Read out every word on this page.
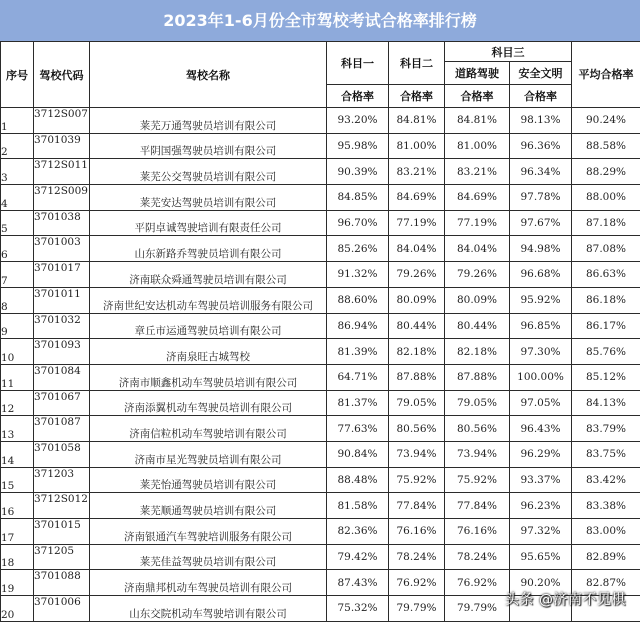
2023年1-6月份全市驾校考试合格率排行榜
序号	驾校代码	驾校名称	科目一	科目二	科目三		平均合格率
					道路驾驶	安全文明	
			合格率	合格率	合格率	合格率	
1	3712S007	莱芜万通驾驶员培训有限公司	93.20%	84.81%	84.81%	98.13%	90.24%
2	3701039	平阴国强驾驶员培训有限公司	95.98%	81.00%	81.00%	96.36%	88.58%
3	3712S011	莱芜公交驾驶员培训有限公司	90.39%	83.21%	83.21%	96.34%	88.29%
4	3712S009	莱芜安达驾驶员培训有限公司	84.85%	84.69%	84.69%	97.78%	88.00%
5	3701038	平阴卓诚驾驶培训有限责任公司	96.70%	77.19%	77.19%	97.67%	87.18%
6	3701003	山东新路乔驾驶员培训有限公司	85.26%	84.04%	84.04%	94.98%	87.08%
7	3701017	济南联众舜通驾驶员培训有限公司	91.32%	79.26%	79.26%	96.68%	86.63%
8	3701011	济南世纪安达机动车驾驶员培训服务有限公司	88.60%	80.09%	80.09%	95.92%	86.18%
9	3701032	章丘市运通驾驶员培训有限公司	86.94%	80.44%	80.44%	96.85%	86.17%
10	3701093	济南泉旺古城驾校	81.39%	82.18%	82.18%	97.30%	85.76%
11	3701084	济南市顺鑫机动车驾驶员培训有限公司	64.71%	87.88%	87.88%	100.00%	85.12%
12	3701067	济南添翼机动车驾驶员培训有限公司	81.37%	79.05%	79.05%	97.05%	84.13%
13	3701087	济南信粒机动车驾驶培训有限公司	77.63%	80.56%	80.56%	96.43%	83.79%
14	3701058	济南市星光驾驶员培训有限公司	90.84%	73.94%	73.94%	96.29%	83.75%
15	371203	莱芜怡通驾驶员培训有限公司	88.48%	75.92%	75.92%	93.37%	83.42%
16	3712S012	莱芜顺通驾驶员培训有限公司	81.58%	77.84%	77.84%	96.23%	83.38%
17	3701015	济南银通汽车驾驶培训服务有限公司	82.36%	76.16%	76.16%	97.32%	83.00%
18	371205	莱芜佳益驾驶员培训有限公司	79.42%	78.24%	78.24%	95.65%	82.89%
19	3701088	济南鼎邦机动车驾驶员培训有限公司	87.43%	76.92%	76.92%	90.20%	82.87%
20	3701006	山东交院机动车驾驶培训有限公司	75.32%	79.79%	79.79%		
头条 @济南不见棋
